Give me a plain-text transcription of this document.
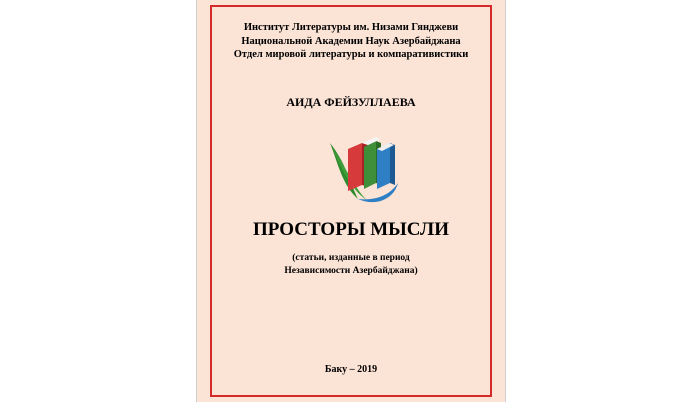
Институт Литературы им. Низами Гянджеви
Национальной Академии Наук Азербайджана
Отдел мировой литературы и компаративистики
АИДА ФЕЙЗУЛЛАЕВА
ПРОСТОРЫ МЫСЛИ
(статьи, изданные в период
Независимости Азербайджана)
Баку – 2019
